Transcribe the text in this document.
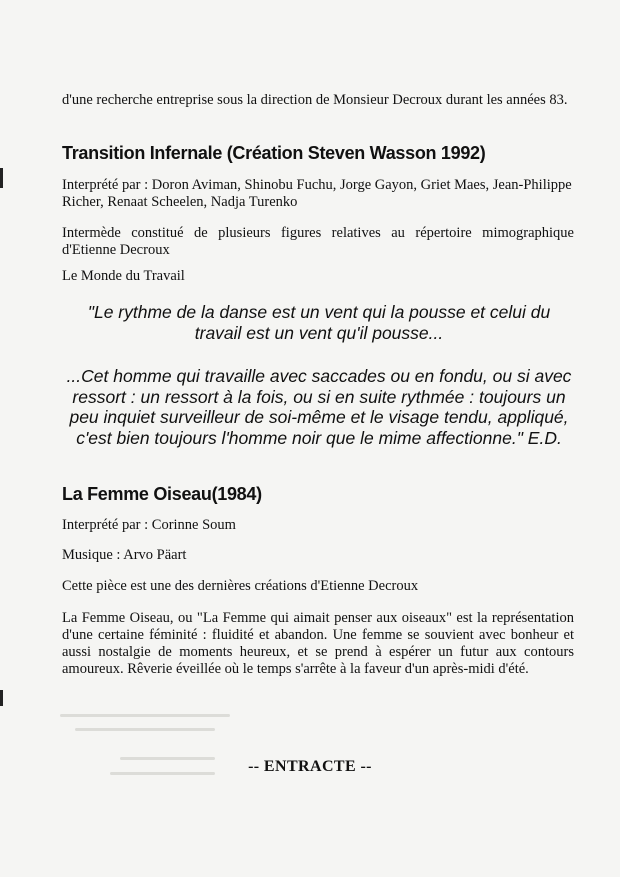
d'une recherche entreprise sous la direction de Monsieur Decroux durant les années 83.

Transition Infernale (Création Steven Wasson 1992)

Interprété par : Doron Aviman, Shinobu Fuchu, Jorge Gayon, Griet Maes, Jean-Philippe Richer, Renaat Scheelen, Nadja Turenko

Intermède constitué de plusieurs figures relatives au répertoire mimographique d'Etienne Decroux

Le Monde du Travail

"Le rythme de la danse est un vent qui la pousse et celui du travail est un vent qu'il pousse...

...Cet homme qui travaille avec saccades ou en fondu, ou si avec ressort : un ressort à la fois, ou si en suite rythmée : toujours un peu inquiet surveilleur de soi-même et le visage tendu, appliqué, c'est bien toujours l'homme noir que le mime affectionne." E.D.

La Femme Oiseau(1984)

Interprété par : Corinne Soum

Musique : Arvo Päart

Cette pièce est une des dernières créations d'Etienne Decroux

La Femme Oiseau, ou "La Femme qui aimait penser aux oiseaux" est la représentation d'une certaine féminité : fluidité et abandon. Une femme se souvient avec bonheur et aussi nostalgie de moments heureux, et se prend à espérer un futur aux contours amoureux. Rêverie éveillée où le temps s'arrête à la faveur d'un après-midi d'été.

-- ENTRACTE --
